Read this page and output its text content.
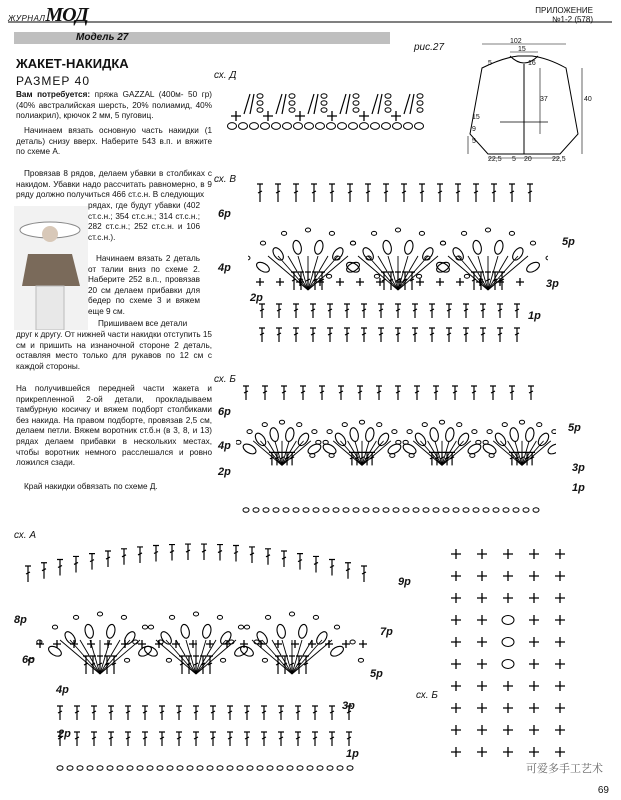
ЖУРНАЛМОД	ПРИЛОЖЕНИЕ
№1-2 (578)
Модель 27
ЖАКЕТ-НАКИДКА
РАЗМЕР 40
Вам потребуется: пряжа GAZZAL (400м- 50 гр) (40% австралийская шерсть, 20% полиамид, 40% полиакрил), крючок 2 мм, 5 пуговиц.
Начинаем вязать основную часть накидки (1 деталь) снизу вверх. Наберите 543 в.п. и вяжите по схеме А.
Провязав 8 рядов, делаем убавки в столбиках с накидом. Убавки надо рассчитать равномерно, в 9 ряду должно получиться 466 ст.с.н. В следующих
рядах, где будут убавки (402 ст.с.н.; 354 ст.с.н.; 314 ст.с.н.; 282 ст.с.н.; 252 ст.с.н. и 106 ст.с.н.).
Начинаем вязать 2 деталь от талии вниз по схеме 2. Наберите 252 в.п., провязав 20 см делаем прибавки для бедер по схеме 3 и вяжем еще 9 см.
Пришиваем все детали
друг к другу. От нижней части накидки отступить 15 см и пришить на изнаночной стороне 2 деталь, оставляя место только для рукавов по 12 см с каждой стороны.
На получившейся передней части жакета и прикрепленной 2-ой детали, прокладываем тамбурную косичку и вяжем подборт столбиками без накида. На правом подборте, провязав 2,5 см, делаем петли. Вяжем воротник ст.б.н (в 3, 8, и 13) рядах делаем прибавки в нескольких местах, чтобы воротник немного расслешался и ровно ложился сзади.
Край накидки обвязать по схеме Д.
сх. Д
сх. В
сх. Б
сх. А
сх. Б
рис.27
102
15
5	16
37	40
15
9
5
22,5 5 20	22,5
6р
5р
4р
3р
2р
1р
6р
5р
4р
3р
2р
1р
9р
8р
7р
6р
5р
4р
3р
2р
1р
可爱多手工艺术
69
